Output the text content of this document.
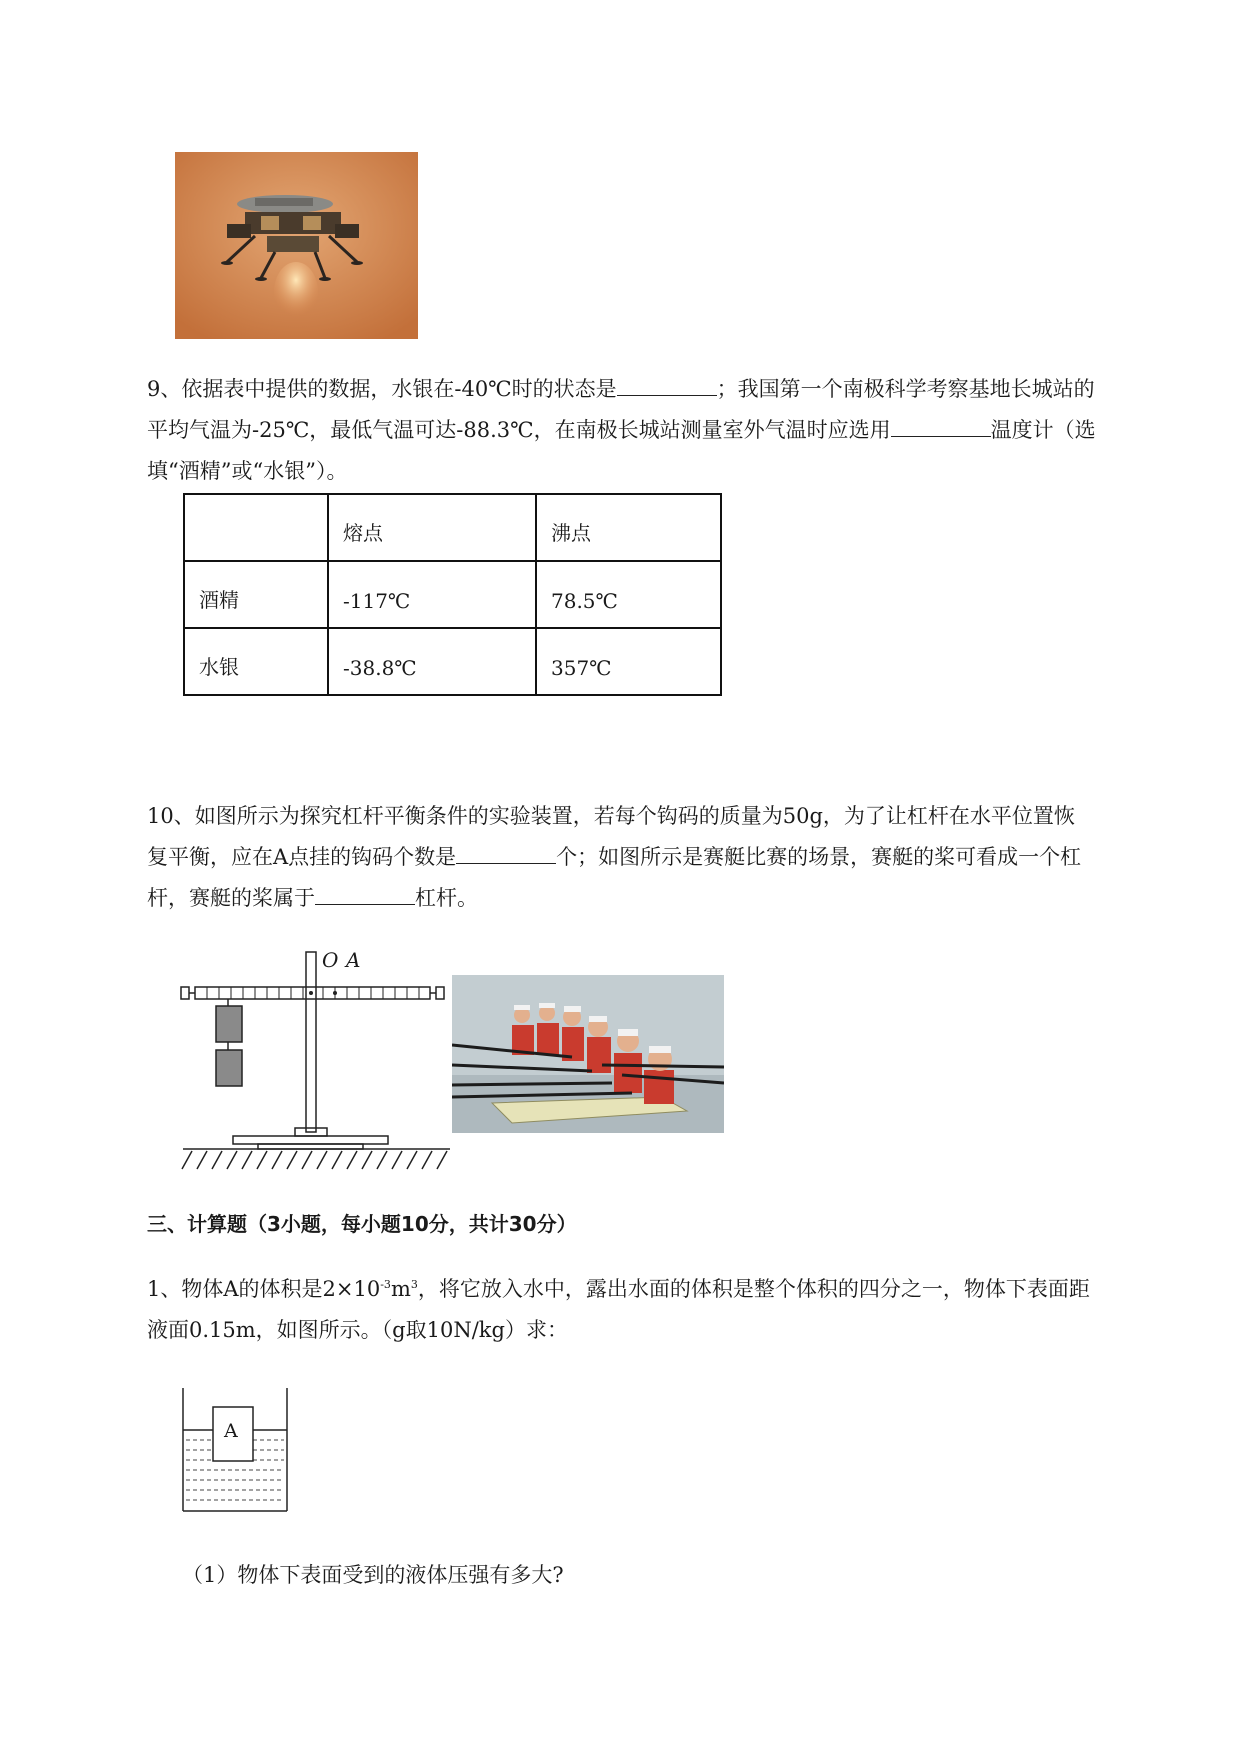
9、依据表中提供的数据，水银在-40℃时的状态是	；我国第一个南极科学考察基地长城站的
平均气温为-25℃，最低气温可达-88.3℃，在南极长城站测量室外气温时应选用	温度计（选
填“酒精”或“水银”）。
	熔点	沸点
酒精	-117℃	78.5℃
水银	-38.8℃	357℃
10、如图所示为探究杠杆平衡条件的实验装置，若每个钩码的质量为50g，为了让杠杆在水平位置恢
复平衡，应在A点挂的钩码个数是	个；如图所示是赛艇比赛的场景，赛艇的桨可看成一个杠
杆，赛艇的桨属于	杠杆。
O A
三、计算题（3小题，每小题10分，共计30分）
1、物体A的体积是$2\times 10^{-3}m^3$，将它放入水中，露出水面的体积是整个体积的四分之一，物体下表面距
液面0.15m，如图所示。（g取10N/kg）求：
A
（1）物体下表面受到的液体压强有多大?
